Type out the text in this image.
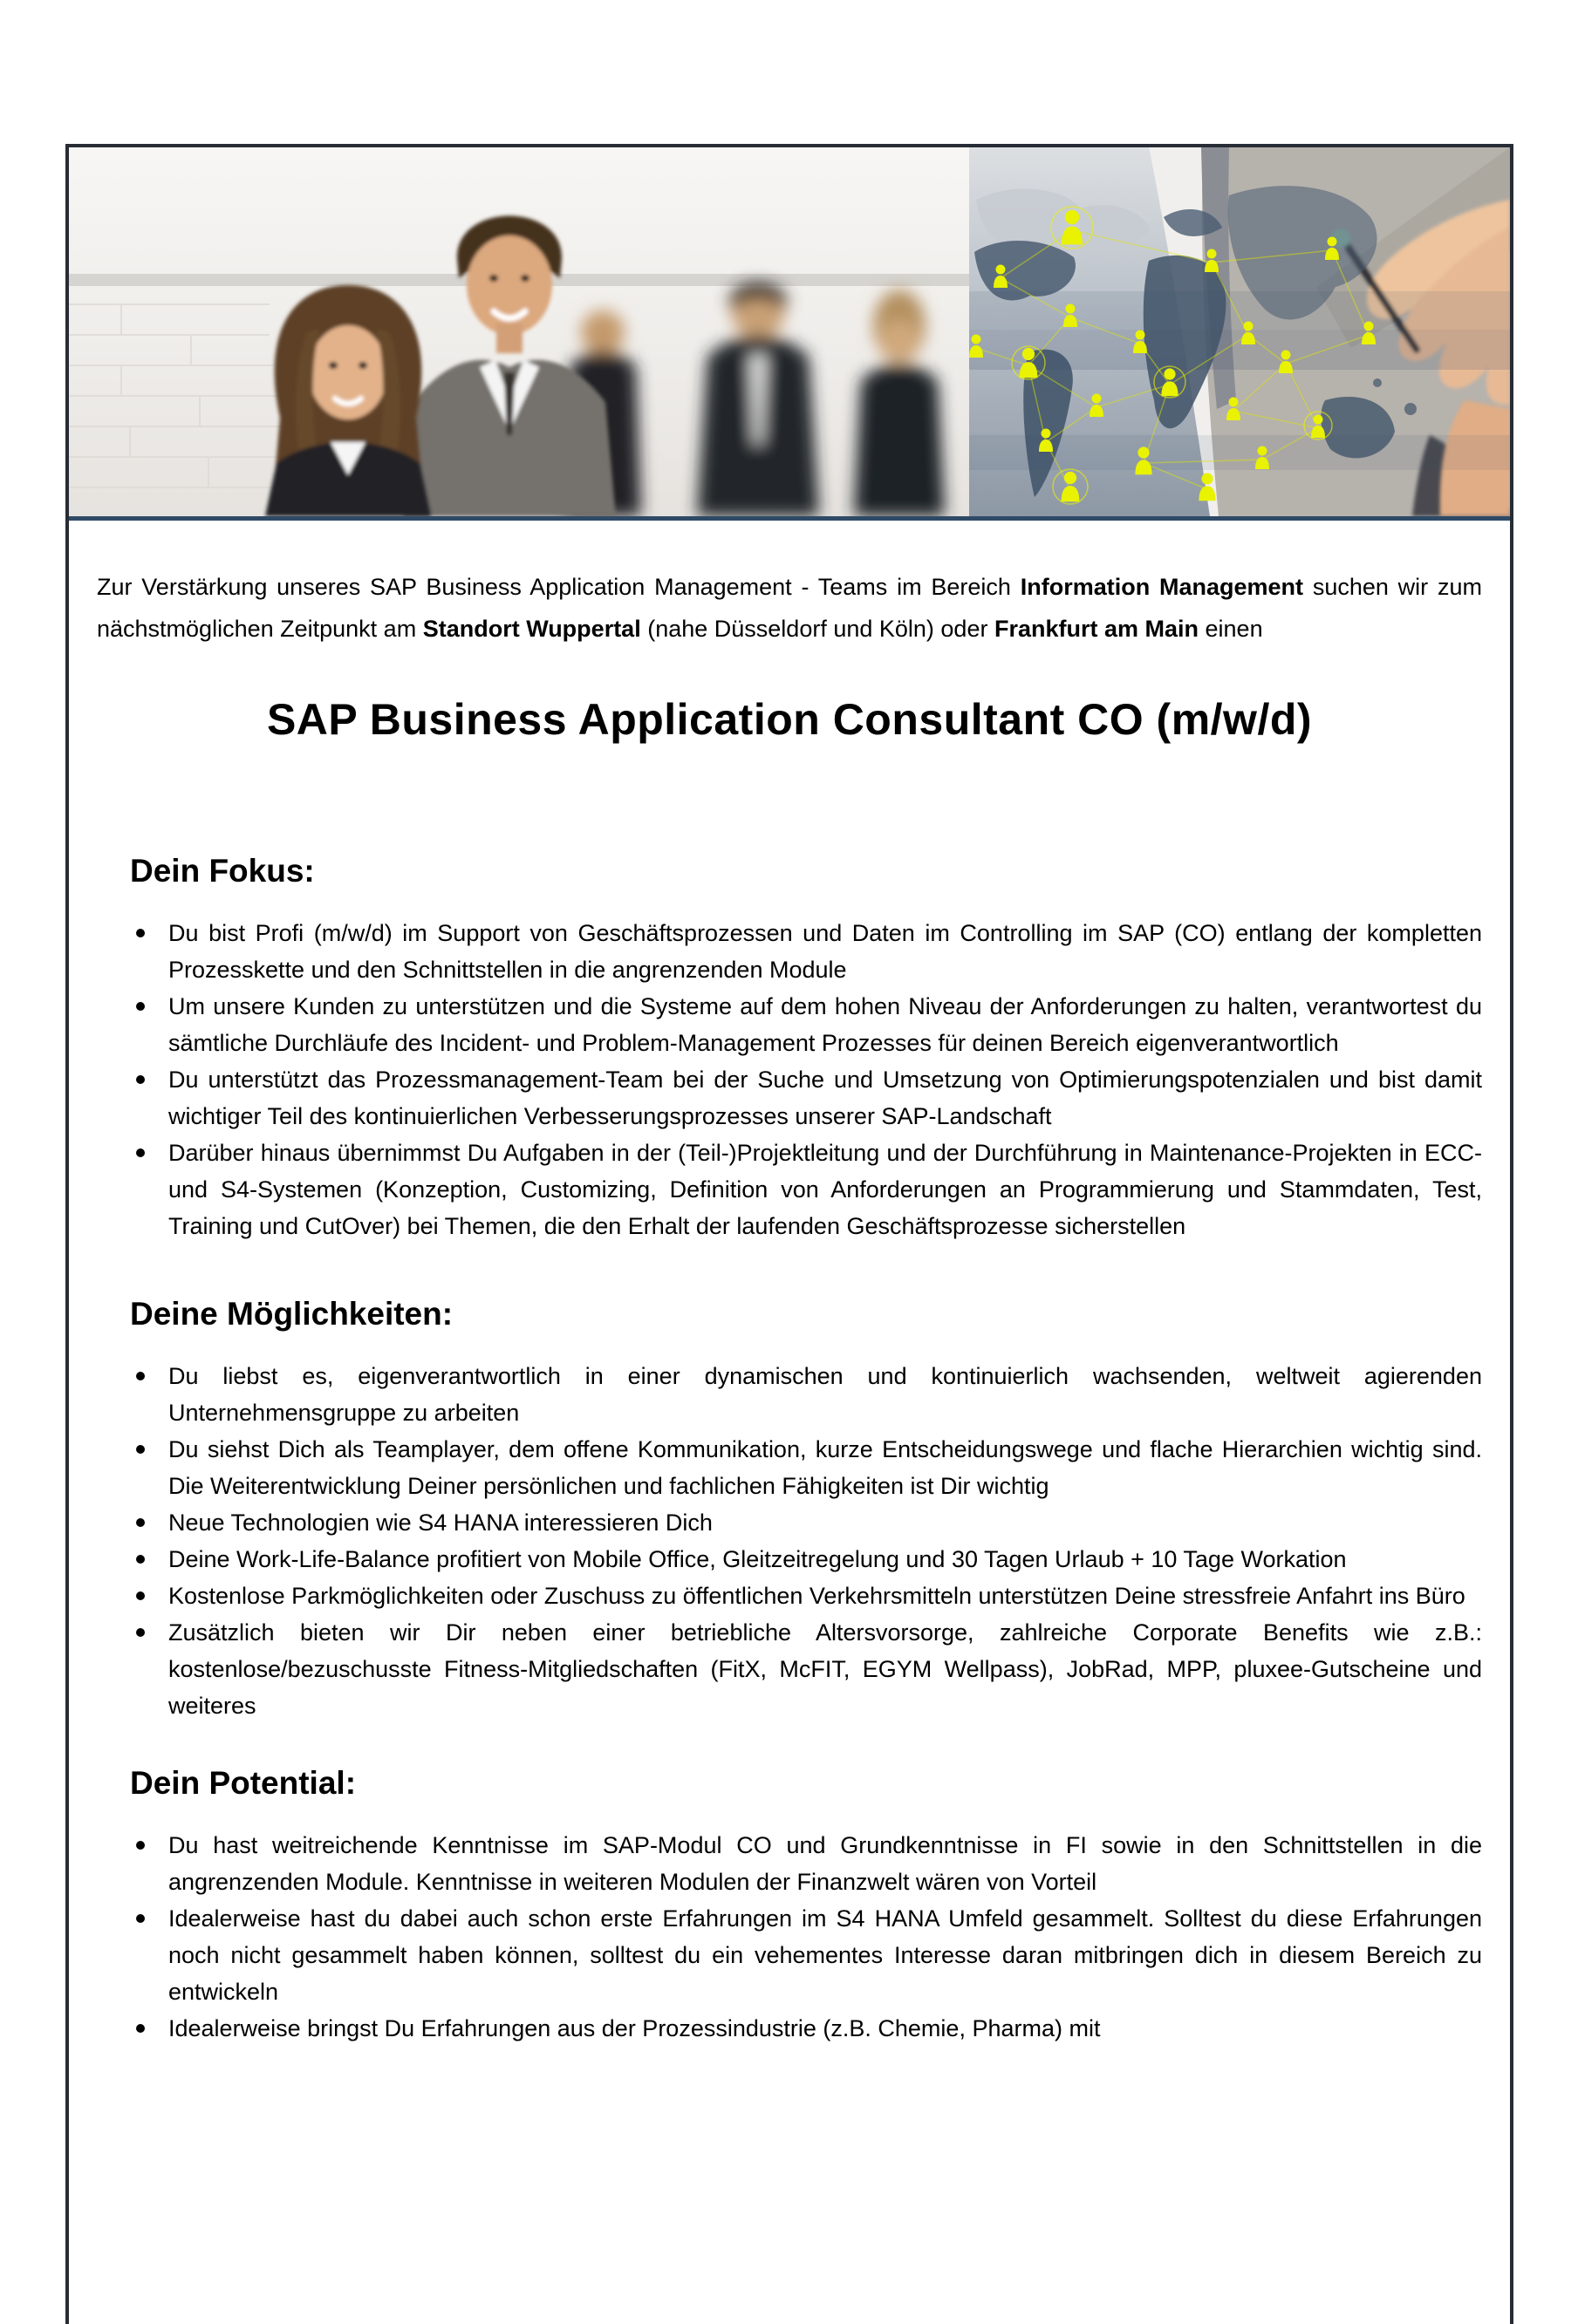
Zur Verstärkung unseres SAP Business Application Management - Teams im Bereich Information Management suchen wir zum nächstmöglichen Zeitpunkt am Standort Wuppertal (nahe Düsseldorf und Köln) oder Frankfurt am Main einen

SAP Business Application Consultant CO (m/w/d)
Dein Fokus:
Du bist Profi (m/w/d) im Support von Geschäftsprozessen und Daten im Controlling im SAP (CO) entlang der kompletten Prozesskette und den Schnittstellen in die angrenzenden Module
Um unsere Kunden zu unterstützen und die Systeme auf dem hohen Niveau der Anforderungen zu halten, verantwortest du sämtliche Durchläufe des Incident- und Problem-Management Prozesses für deinen Bereich eigenverantwortlich
Du unterstützt das Prozessmanagement-Team bei der Suche und Umsetzung von Optimierungspotenzialen und bist damit wichtiger Teil des kontinuierlichen Verbesserungsprozesses unserer SAP-Landschaft
Darüber hinaus übernimmst Du Aufgaben in der (Teil-)Projektleitung und der Durchführung in Maintenance-Projekten in ECC- und S4-Systemen (Konzeption, Customizing, Definition von Anforderungen an Programmierung und Stammdaten, Test, Training und CutOver) bei Themen, die den Erhalt der laufenden Geschäftsprozesse sicherstellen
Deine Möglichkeiten:
Du liebst es, eigenverantwortlich in einer dynamischen und kontinuierlich wachsenden, weltweit agierenden Unternehmensgruppe zu arbeiten
Du siehst Dich als Teamplayer, dem offene Kommunikation, kurze Entscheidungswege und flache Hierarchien wichtig sind. Die Weiterentwicklung Deiner persönlichen und fachlichen Fähigkeiten ist Dir wichtig
Neue Technologien wie S4 HANA interessieren Dich
Deine Work-Life-Balance profitiert von Mobile Office, Gleitzeitregelung und 30 Tagen Urlaub + 10 Tage Workation
Kostenlose Parkmöglichkeiten oder Zuschuss zu öffentlichen Verkehrsmitteln unterstützen Deine stressfreie Anfahrt ins Büro
Zusätzlich bieten wir Dir neben einer betriebliche Altersvorsorge, zahlreiche Corporate Benefits wie z.B.: kostenlose/bezuschusste Fitness-Mitgliedschaften (FitX, McFIT, EGYM Wellpass), JobRad, MPP, pluxee-Gutscheine und weiteres
Dein Potential:
Du hast weitreichende Kenntnisse im SAP-Modul CO und Grundkenntnisse in FI sowie in den Schnittstellen in die angrenzenden Module. Kenntnisse in weiteren Modulen der Finanzwelt wären von Vorteil
Idealerweise hast du dabei auch schon erste Erfahrungen im S4 HANA Umfeld gesammelt. Solltest du diese Erfahrungen noch nicht gesammelt haben können, solltest du ein vehementes Interesse daran mitbringen dich in diesem Bereich zu entwickeln
Idealerweise bringst Du Erfahrungen aus der Prozessindustrie (z.B. Chemie, Pharma) mit
